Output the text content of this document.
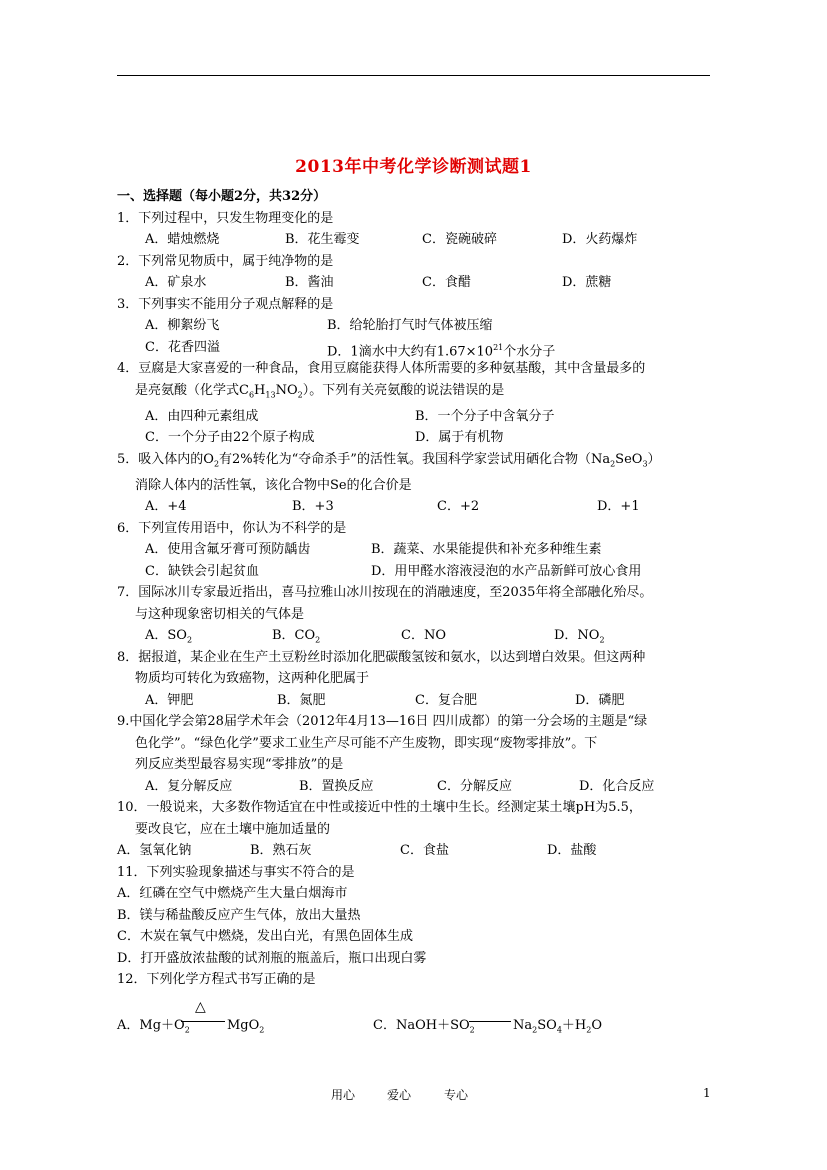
2013年中考化学诊断测试题1
一、选择题（每小题2分，共32分）
1．下列过程中，只发生物理变化的是
A．蜡烛燃烧	B．花生霉变	C．瓷碗破碎	D．火药爆炸
2．下列常见物质中，属于纯净物的是
A．矿泉水	B．酱油	C．食醋	D．蔗糖
3．下列事实不能用分子观点解释的是
A．柳絮纷飞	B．给轮胎打气时气体被压缩
C．花香四溢	D．1滴水中大约有$1.67\times 10^{21}$个水分子
4．豆腐是大家喜爱的一种食品，食用豆腐能获得人体所需要的多种氨基酸，其中含量最多的
是亮氨酸（化学式$C_6H_{13}NO_2$）。下列有关亮氨酸的说法错误的是
A．由四种元素组成	B．一个分子中含氧分子
C．一个分子由22个原子构成	D．属于有机物
5．吸入体内的$O_2$有2%转化为“夺命杀手”的活性氧。我国科学家尝试用硒化合物$(Na_2SeO_3)$
消除人体内的活性氧，该化合物中Se的化合价是
A．+4	B．+3	C．+2	D．+1
6．下列宣传用语中，你认为不科学的是
A．使用含氟牙膏可预防龋齿	B．蔬菜、水果能提供和补充多种维生素
C．缺铁会引起贫血	D．用甲醛水溶液浸泡的水产品新鲜可放心食用
7．国际冰川专家最近指出，喜马拉雅山冰川按现在的消融速度，至2035年将全部融化殆尽。
与这种现象密切相关的气体是
A．$SO_2$	B．$CO_2$	C．NO	D．$NO_2$
8．据报道，某企业在生产土豆粉丝时添加化肥碳酸氢铵和氨水，以达到增白效果。但这两种
物质均可转化为致癌物，这两种化肥属于
A．钾肥	B．氮肥	C．复合肥	D．磷肥
9.中国化学会第28届学术年会（2012年4月13—16日 四川成都）的第一分会场的主题是“绿
色化学”。“绿色化学”要求工业生产尽可能不产生废物，即实现“废物零排放”。下
列反应类型最容易实现“零排放”的是
A．复分解反应	B．置换反应	C．分解反应	D．化合反应
10．一般说来，大多数作物适宜在中性或接近中性的土壤中生长。经测定某土壤pH为5.5，
要改良它，应在土壤中施加适量的
A．氢氧化钠	B．熟石灰	C．食盐	D．盐酸
11．下列实验现象描述与事实不符合的是
A．红磷在空气中燃烧产生大量白烟海市
B．镁与稀盐酸反应产生气体，放出大量热
C．木炭在氧气中燃烧，发出白光，有黑色固体生成
D．打开盛放浓盐酸的试剂瓶的瓶盖后，瓶口出现白雾
12．下列化学方程式书写正确的是
A．$Mg+O_2$
△
MgO$_2$	C．$NaOH+SO_2$	$Na_2SO_4+H_2O$
用心	爱心	专心	1
